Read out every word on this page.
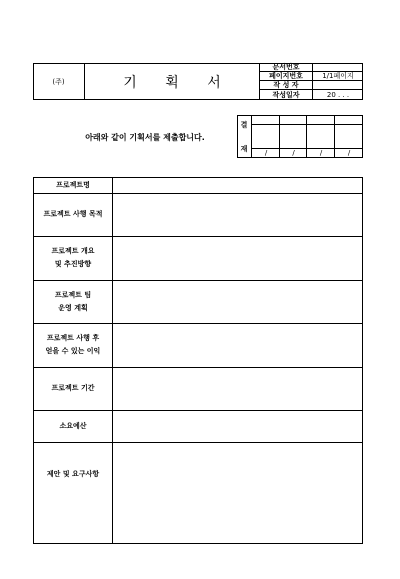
(주)	기 획 서
문서번호
페이지번호	1/1페이지
작 성 자
작성일자	20 . . .
아래와 같이 기획서를 제출합니다.
결
재
/	/	/	/
프로젝트명
프로젝트 사행 목적
프로젝트 개요
및 추진방향
프로젝트 팀
운영 계획
프로젝트 사행 후
얻을 수 있는 이익
프로젝트 기간
소요예산
제안 및 요구사항
